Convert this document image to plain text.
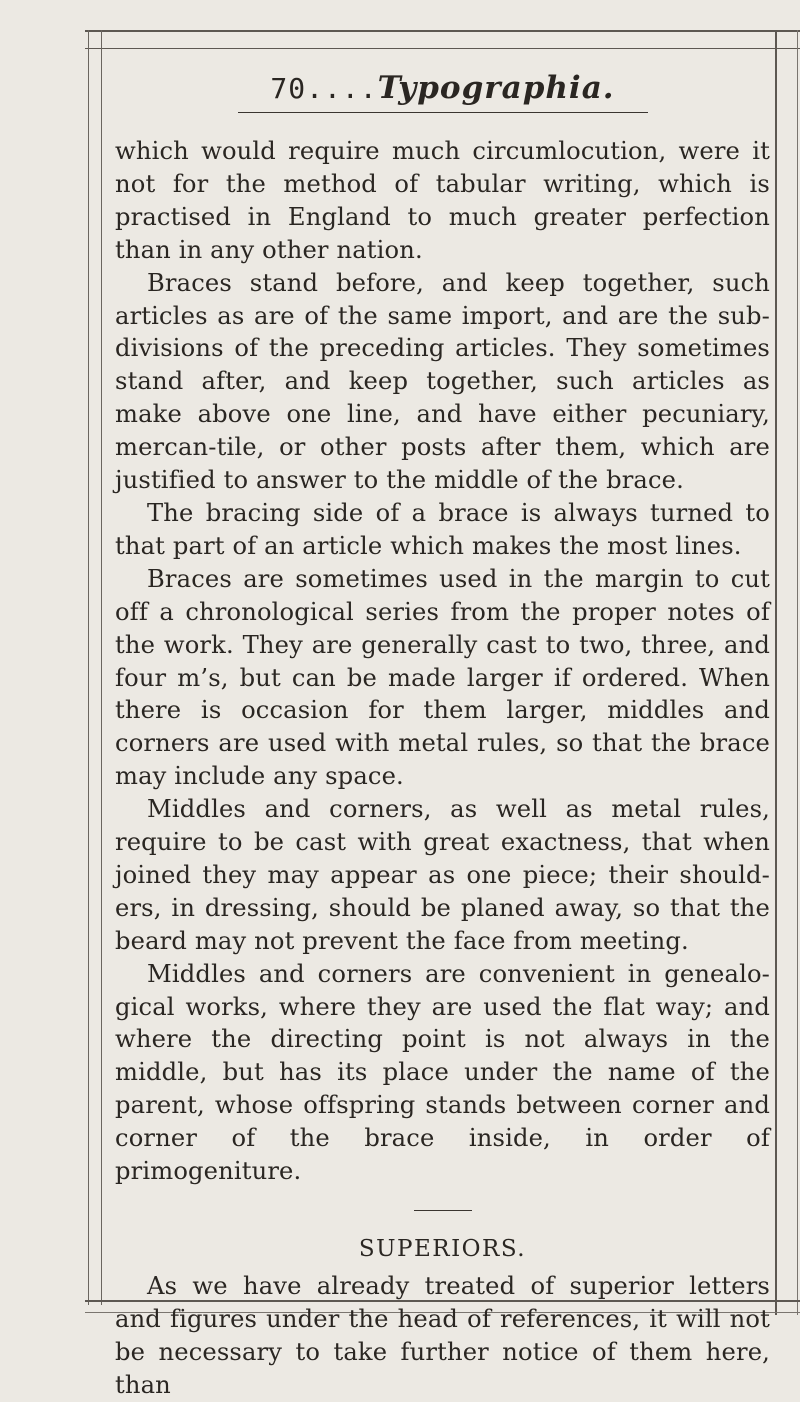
70....Typographia.

which would require much circumlocution, were it not for the method of tabular writing, which is practised in England to much greater perfection than in any other nation.

Braces stand before, and keep together, such articles as are of the same import, and are the sub-divisions of the preceding articles. They sometimes stand after, and keep together, such articles as make above one line, and have either pecuniary, mercan-tile, or other posts after them, which are justified to answer to the middle of the brace.

The bracing side of a brace is always turned to that part of an article which makes the most lines.

Braces are sometimes used in the margin to cut off a chronological series from the proper notes of the work. They are generally cast to two, three, and four m’s, but can be made larger if ordered. When there is occasion for them larger, middles and corners are used with metal rules, so that the brace may include any space.

Middles and corners, as well as metal rules, require to be cast with great exactness, that when joined they may appear as one piece; their should-ers, in dressing, should be planed away, so that the beard may not prevent the face from meeting.

Middles and corners are convenient in genealo-gical works, where they are used the flat way; and where the directing point is not always in the middle, but has its place under the name of the parent, whose offspring stands between corner and corner of the brace inside, in order of primogeniture.

SUPERIORS.

As we have already treated of superior letters and figures under the head of references, it will not be necessary to take further notice of them here, than
